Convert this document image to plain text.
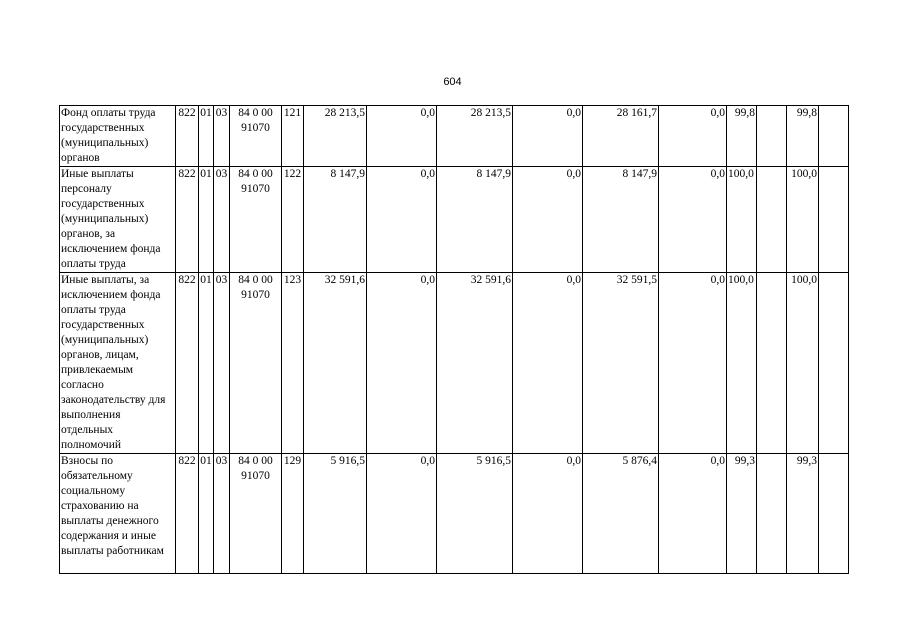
604
Фонд оплаты труда государственных (муниципальных) органов	822	01	03	84 0 00 91070	121	28 213,5	0,0	28 213,5	0,0	28 161,7	0,0	99,8		99,8	
Иные выплаты персоналу государственных (муниципальных) органов, за исключением фонда оплаты труда	822	01	03	84 0 00 91070	122	8 147,9	0,0	8 147,9	0,0	8 147,9	0,0	100,0		100,0	
Иные выплаты, за исключением фонда оплаты труда государственных (муниципальных) органов, лицам, привлекаемым согласно законодательству для выполнения отдельных полномочий	822	01	03	84 0 00 91070	123	32 591,6	0,0	32 591,6	0,0	32 591,5	0,0	100,0		100,0	
Взносы по обязательному социальному страхованию на выплаты денежного содержания и иные выплаты работникам	822	01	03	84 0 00 91070	129	5 916,5	0,0	5 916,5	0,0	5 876,4	0,0	99,3		99,3	
